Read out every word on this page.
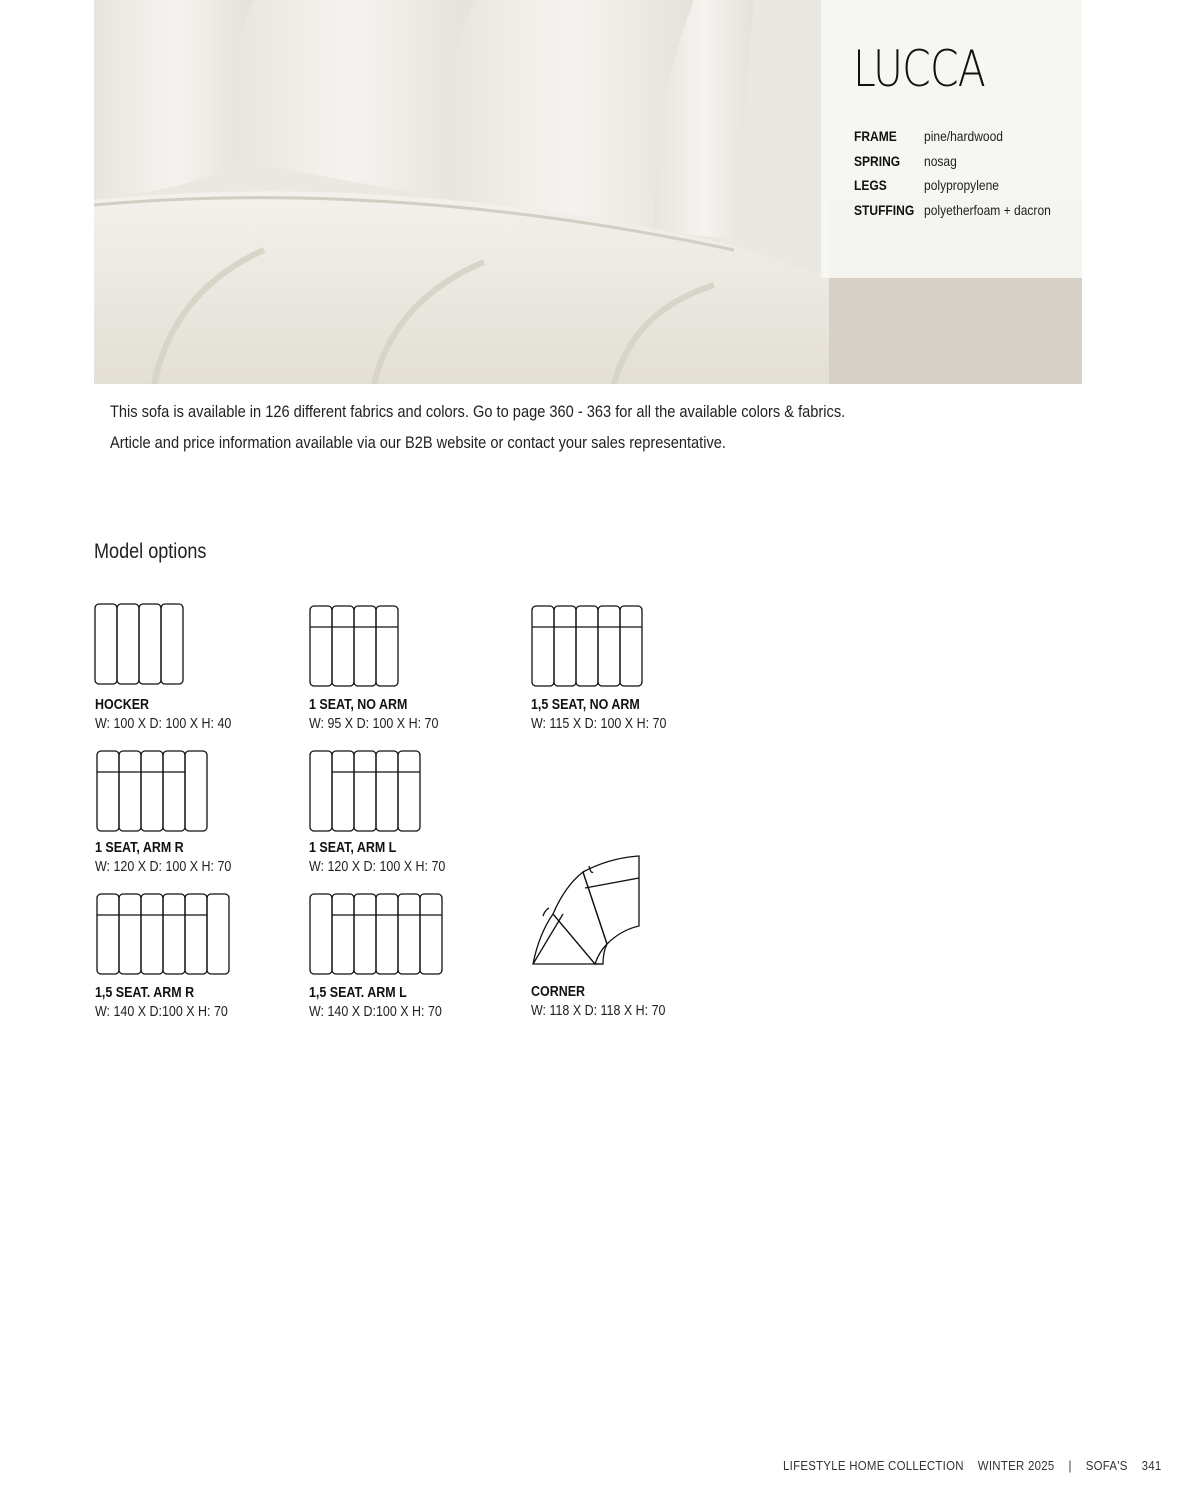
LUCCA
FRAME	pine/hardwood
SPRING	nosag
LEGS	polypropylene
STUFFING polyetherfoam + dacron

This sofa is available in 126 different fabrics and colors. Go to page 360 - 363 for all the available colors & fabrics.

Article and price information available via our B2B website or contact your sales representative.

Model options
HOCKER
W: 100 X D: 100 X H: 40
1 SEAT, NO ARM
W: 95 X D: 100 X H: 70
1,5 SEAT, NO ARM
W: 115 X D: 100 X H: 70
1 SEAT, ARM R
W: 120 X D: 100 X H: 70
1 SEAT, ARM L
W: 120 X D: 100 X H: 70
1,5 SEAT. ARM R
W: 140 X D:100 X H: 70
1,5 SEAT. ARM L
W: 140 X D:100 X H: 70
CORNER
W: 118 X D: 118 X H: 70
LIFESTYLE HOME COLLECTION WINTER 2025 | SOFA'S 341
